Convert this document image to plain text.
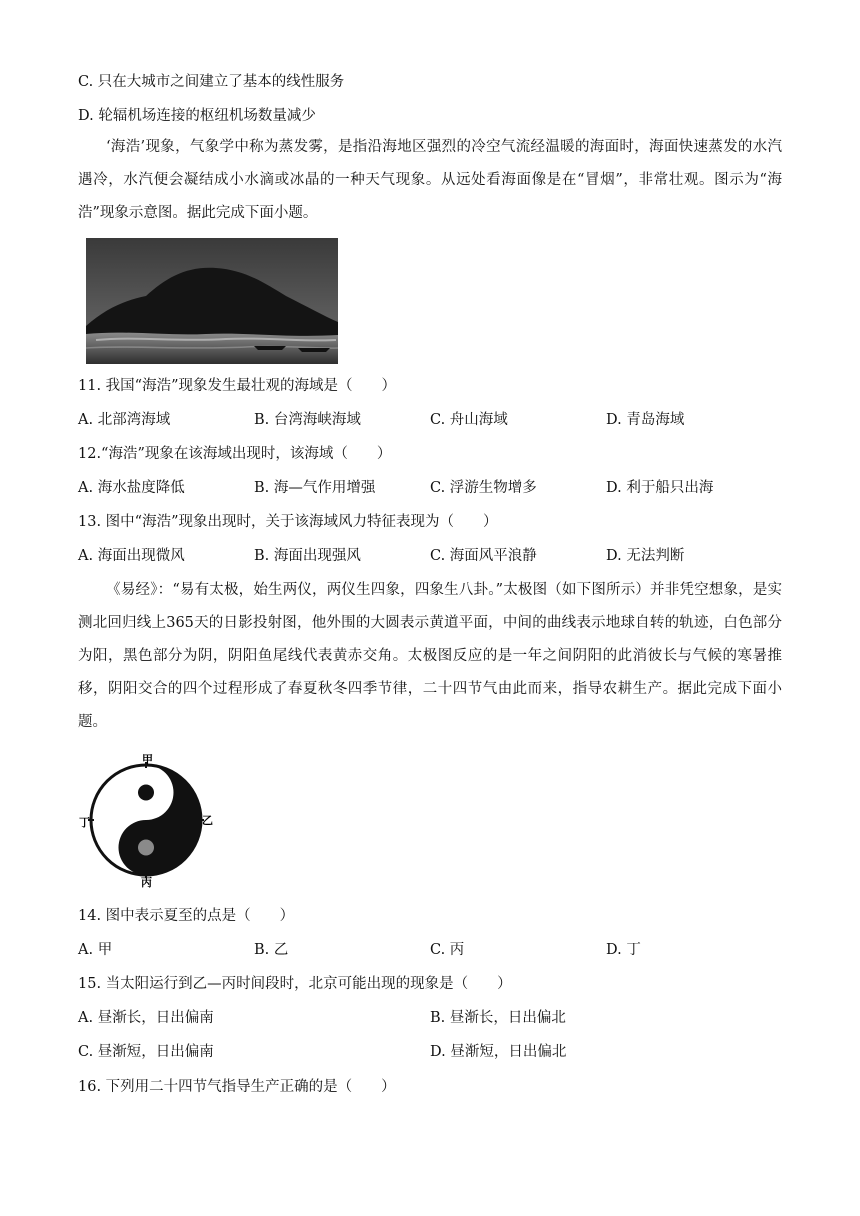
C. 只在大城市之间建立了基本的线性服务
D. 轮辐机场连接的枢纽机场数量减少
‘海浩’现象，气象学中称为蒸发雾，是指沿海地区强烈的冷空气流经温暖的海面时，海面快速蒸发的水汽遇冷，水汽便会凝结成小水滴或冰晶的一种天气现象。从远处看海面像是在“冒烟”，非常壮观。图示为“海浩”现象示意图。据此完成下面小题。
11. 我国“海浩”现象发生最壮观的海域是（　　）
A. 北部湾海域	B. 台湾海峡海域	C. 舟山海域	D. 青岛海域
12.“海浩”现象在该海域出现时，该海域（　　）
A. 海水盐度降低	B. 海—气作用增强	C. 浮游生物增多	D. 利于船只出海
13. 图中“海浩”现象出现时，关于该海域风力特征表现为（　　）
A. 海面出现微风	B. 海面出现强风	C. 海面风平浪静	D. 无法判断
《易经》：“易有太极，始生两仪，两仪生四象，四象生八卦。”太极图（如下图所示）并非凭空想象，是实测北回归线上365天的日影投射图，他外围的大圆表示黄道平面，中间的曲线表示地球自转的轨迹，白色部分为阳，黑色部分为阴，阴阳鱼尾线代表黄赤交角。太极图反应的是一年之间阴阳的此消彼长与气候的寒暑推移，阴阳交合的四个过程形成了春夏秋冬四季节律，二十四节气由此而来，指导农耕生产。据此完成下面小题。
甲
乙
丙
丁
14. 图中表示夏至的点是（　　）
A. 甲	B. 乙	C. 丙	D. 丁
15. 当太阳运行到乙—丙时间段时，北京可能出现的现象是（　　）
A. 昼渐长，日出偏南	B. 昼渐长，日出偏北
C. 昼渐短，日出偏南	D. 昼渐短，日出偏北
16. 下列用二十四节气指导生产正确的是（　　）
